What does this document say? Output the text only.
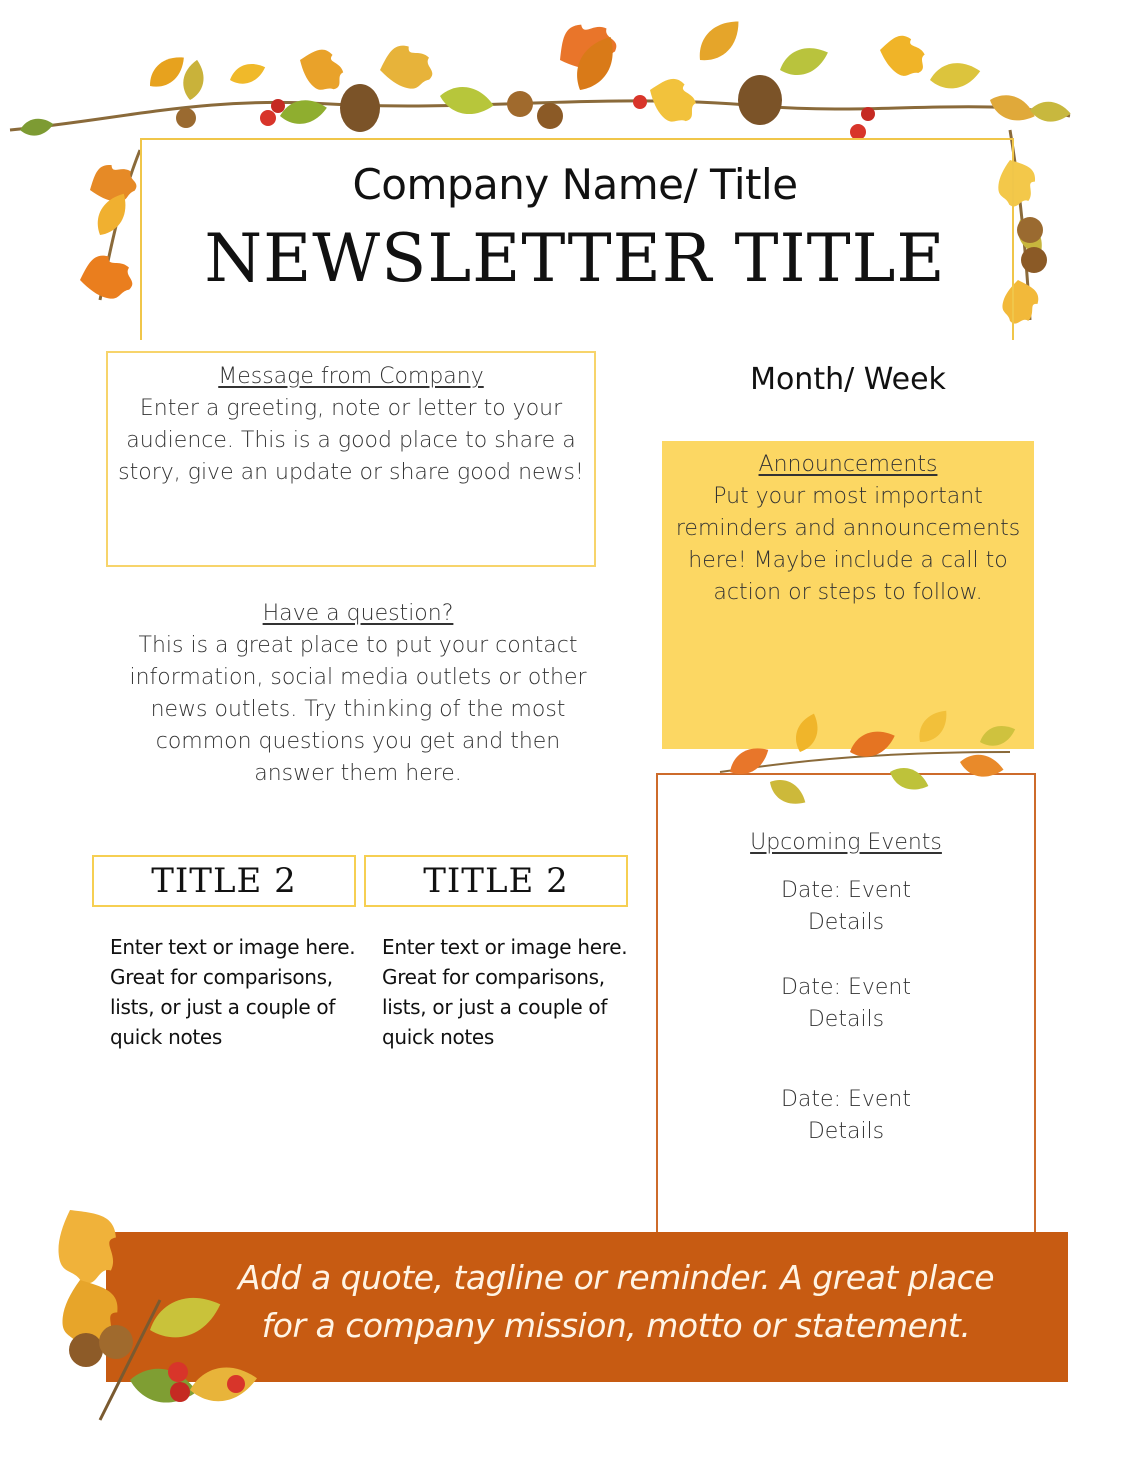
Company Name/ Title
NEWSLETTER TITLE
Message from Company
Enter a greeting, note or letter to your audience. This is a good place to share a story, give an update or share good news!
Have a question?
This is a great place to put your contact information, social media outlets or other news outlets. Try thinking of the most common questions you get and then answer them here.
Month/ Week
Announcements
Put your most important reminders and announcements here! Maybe include a call to action or steps to follow.
Upcoming Events
Date: Event Details
Date: Event Details
Date: Event Details
TITLE 2	TITLE 2
Enter text or image here. Great for comparisons, lists, or just a couple of quick notes
Enter text or image here. Great for comparisons, lists, or just a couple of quick notes
Add a quote, tagline or reminder. A great place for a company mission, motto or statement.
